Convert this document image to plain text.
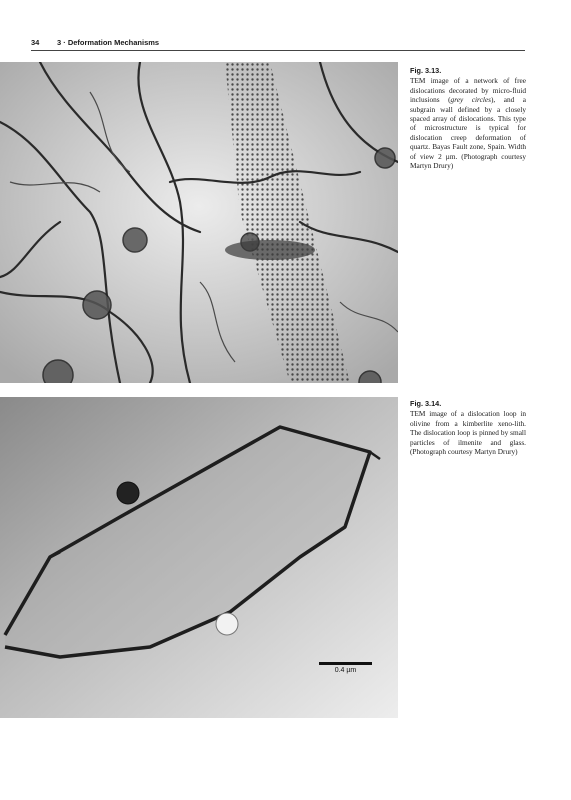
34 3 · Deformation Mechanisms
Fig. 3.13.
TEM image of a network of free dislocations decorated by micro-fluid inclusions (grey circles), and a subgrain wall defined by a closely spaced array of dislocations. This type of microstructure is typical for dislocation creep deformation of quartz. Bayas Fault zone, Spain. Width of view 2 µm. (Photograph courtesy Martyn Drury)
0.4 µm
Fig. 3.14.
TEM image of a dislocation loop in olivine from a kimberlite xeno-lith. The dislocation loop is pinned by small particles of ilmenite and glass. (Photograph courtesy Martyn Drury)
